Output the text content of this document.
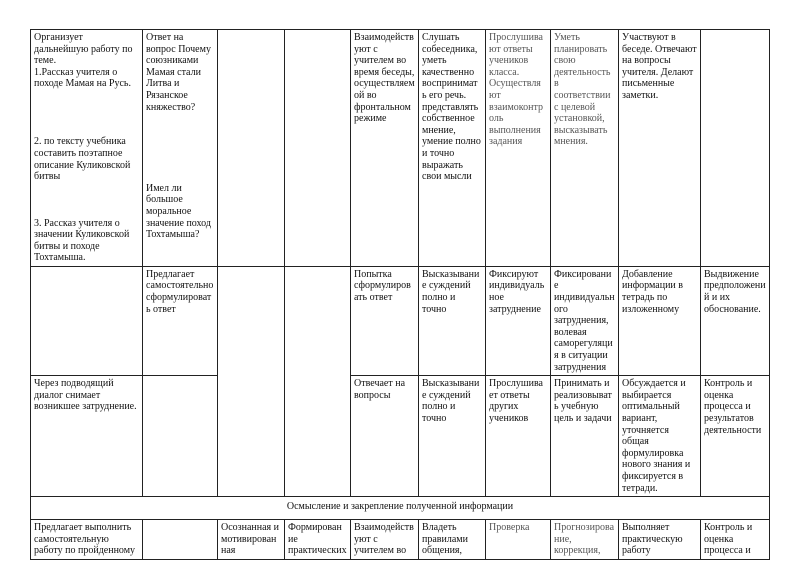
Организует дальнейшую работу по теме.
1.Рассказ учителя о походе Мамая на Русь.

2. по тексту учебника составить поэтапное описание Куликовской битвы

3. Рассказ учителя о значении Куликовской битвы и походе Тохтамыша.	Ответ на вопрос Почему союзниками Мамая стали Литва и Рязанское княжество?

Имел ли большое моральное значение поход Тохтамыша?			Взаимодействуют с учителем во время беседы, осуществляемой во фронтальном режиме	Слушать собеседника, уметь качественно воспринимать его речь. представлять собственное мнение, умение полно и точно выражать свои мысли	Прослушивают ответы учеников класса. Осуществляют взаимоконтроль выполнения задания	Уметь планировать свою деятельность в соответствии с целевой установкой, высказывать мнения.	Участвуют в беседе. Отвечают на вопросы учителя. Делают письменные заметки.	
	Предлагает самостоятельно сформулировать ответ			Попытка сформулировать ответ	Высказывание суждений полно и точно	Фиксируют индивидуальное затруднение	Фиксирование индивидуального затруднения, волевая саморегуляция в ситуации затруднения	Добавление информации в тетрадь по изложенному	Выдвижение предположений и их обоснование.
Через подводящий диалог снимает возникшее затруднение.				Отвечает на вопросы	Высказывание суждений полно и точно	Прослушивает ответы других учеников	Принимать и реализовывать учебную цель и задачи	Обсуждается и выбирается оптимальный вариант, уточняется общая формулировка нового знания и фиксируется в тетради.	Контроль и оценка процесса и результатов деятельности
Осмысление и закрепление полученной информации									
Предлагает выполнить самостоятельную работу по пройденному		Осознанная и мотивированная	Формирование практических	Взаимодействуют с учителем во	Владеть правилами общения,	Проверка	Прогнозирование, коррекция,	Выполняет практическую работу	Контроль и оценка процесса и
